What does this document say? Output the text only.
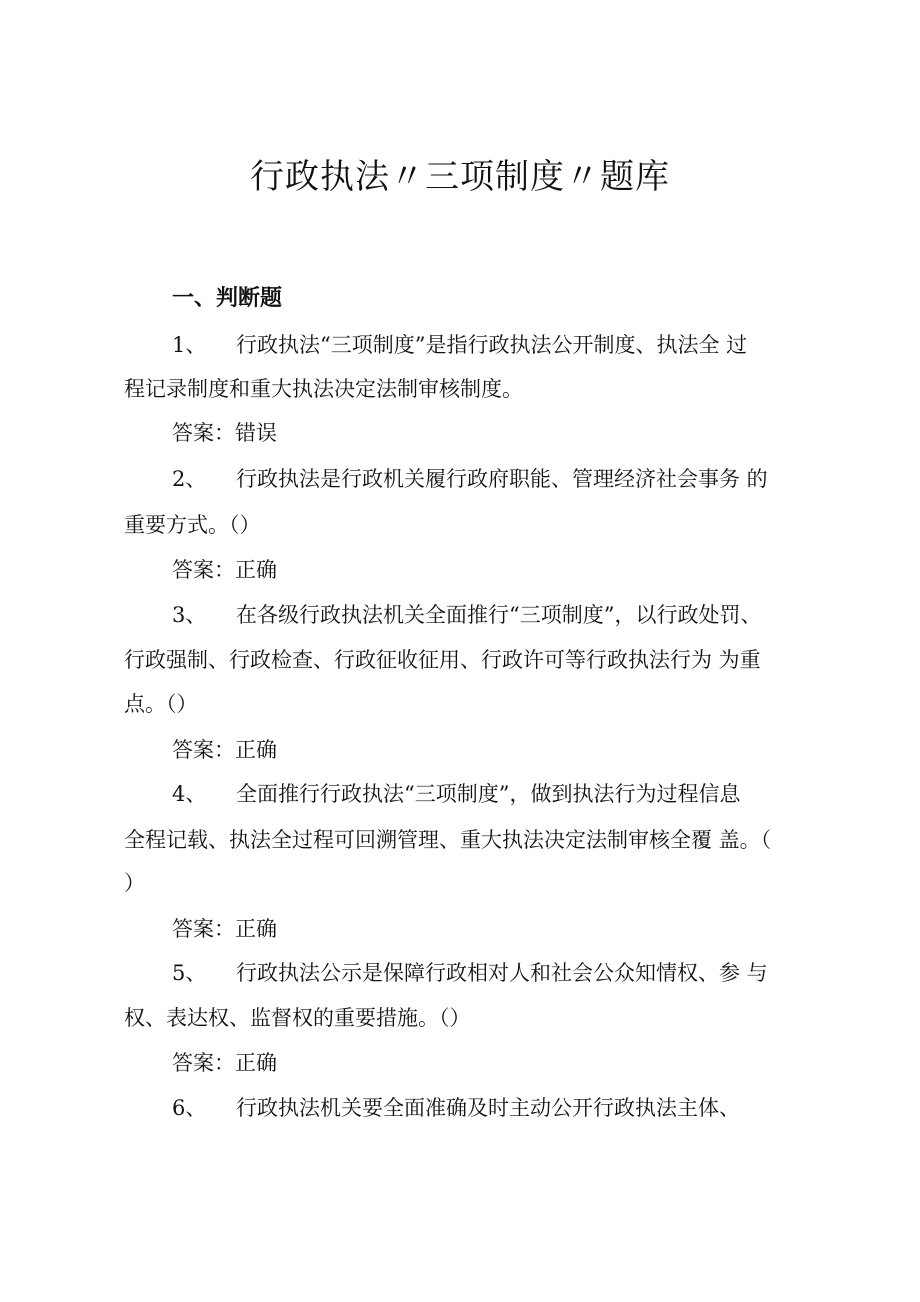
行政执法〃三项制度〃题库
一、判断题
1、 行政执法“三项制度”是指行政执法公开制度、执法全 过
程记录制度和重大执法决定法制审核制度。
答案：错误
2、 行政执法是行政机关履行政府职能、管理经济社会事务 的
重要方式。（）
答案：正确
3、 在各级行政执法机关全面推行“三项制度”，以行政处罚、
行政强制、行政检查、行政征收征用、行政许可等行政执法行为 为重
点。（）
答案：正确
4、 全面推行行政执法“三项制度”，做到执法行为过程信息
全程记载、执法全过程可回溯管理、重大执法决定法制审核全覆 盖。（
）
答案：正确
5、 行政执法公示是保障行政相对人和社会公众知情权、参 与
权、表达权、监督权的重要措施。（）
答案：正确
6、 行政执法机关要全面准确及时主动公开行政执法主体、
